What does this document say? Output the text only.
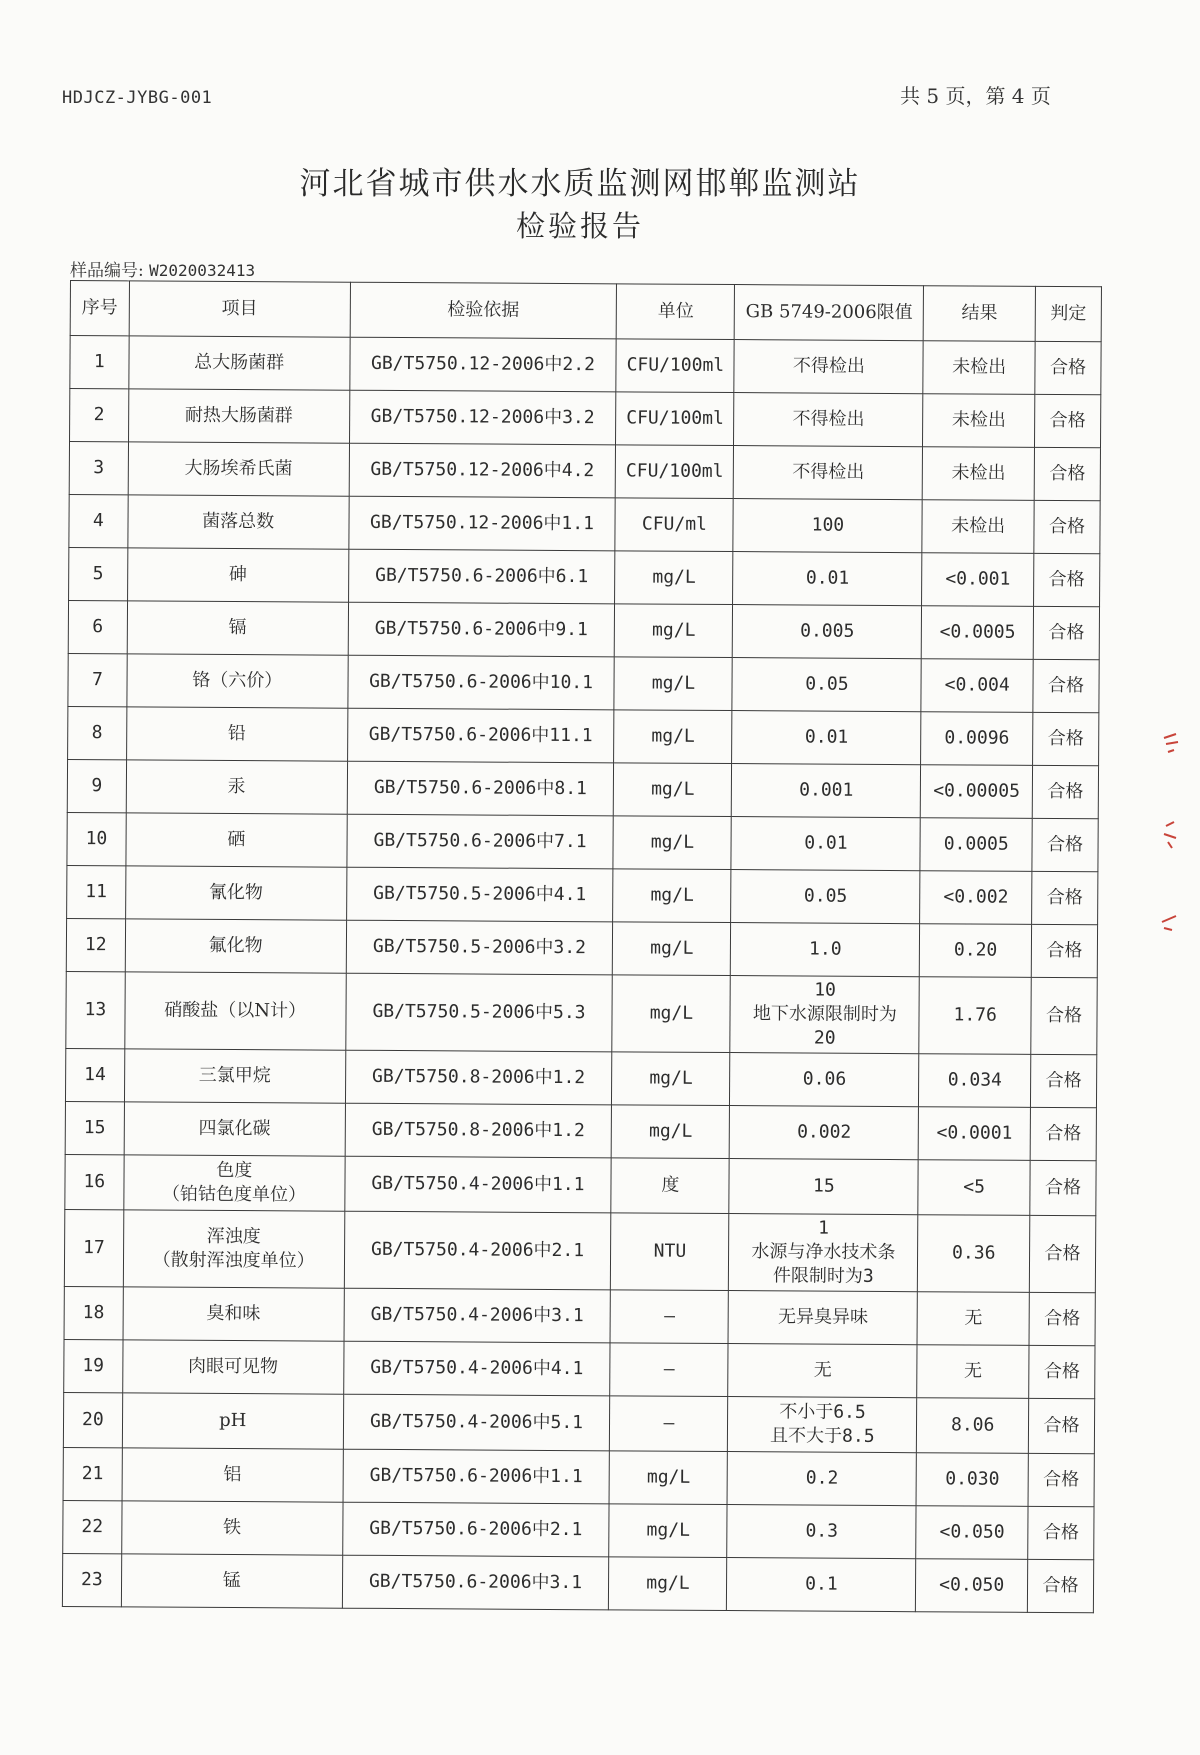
HDJCZ-JYBG-001	共 5 页，第 4 页
河北省城市供水水质监测网邯郸监测站
检验报告
样品编号: W2020032413
序号	项目	检验依据	单位	GB 5749-2006限值	结果	判定
1	总大肠菌群	GB/T5750.12-2006中2.2	CFU/100ml	不得检出	未检出	合格
2	耐热大肠菌群	GB/T5750.12-2006中3.2	CFU/100ml	不得检出	未检出	合格
3	大肠埃希氏菌	GB/T5750.12-2006中4.2	CFU/100ml	不得检出	未检出	合格
4	菌落总数	GB/T5750.12-2006中1.1	CFU/ml	100	未检出	合格
5	砷	GB/T5750.6-2006中6.1	mg/L	0.01	<0.001	合格
6	镉	GB/T5750.6-2006中9.1	mg/L	0.005	<0.0005	合格
7	铬（六价）	GB/T5750.6-2006中10.1	mg/L	0.05	<0.004	合格
8	铅	GB/T5750.6-2006中11.1	mg/L	0.01	0.0096	合格
9	汞	GB/T5750.6-2006中8.1	mg/L	0.001	<0.00005	合格
10	硒	GB/T5750.6-2006中7.1	mg/L	0.01	0.0005	合格
11	氰化物	GB/T5750.5-2006中4.1	mg/L	0.05	<0.002	合格
12	氟化物	GB/T5750.5-2006中3.2	mg/L	1.0	0.20	合格
13	硝酸盐（以N计）	GB/T5750.5-2006中5.3	mg/L	10
地下水源限制时为
20	1.76	合格
14	三氯甲烷	GB/T5750.8-2006中1.2	mg/L	0.06	0.034	合格
15	四氯化碳	GB/T5750.8-2006中1.2	mg/L	0.002	<0.0001	合格
16	色度
（铂钴色度单位）	GB/T5750.4-2006中1.1	度	15	<5	合格
17	浑浊度
（散射浑浊度单位）	GB/T5750.4-2006中2.1	NTU	1
水源与净水技术条
件限制时为3	0.36	合格
18	臭和味	GB/T5750.4-2006中3.1	—	无异臭异味	无	合格
19	肉眼可见物	GB/T5750.4-2006中4.1	—	无	无	合格
20	pH	GB/T5750.4-2006中5.1	—	不小于6.5
且不大于8.5	8.06	合格
21	铝	GB/T5750.6-2006中1.1	mg/L	0.2	0.030	合格
22	铁	GB/T5750.6-2006中2.1	mg/L	0.3	<0.050	合格
23	锰	GB/T5750.6-2006中3.1	mg/L	0.1	<0.050	合格
